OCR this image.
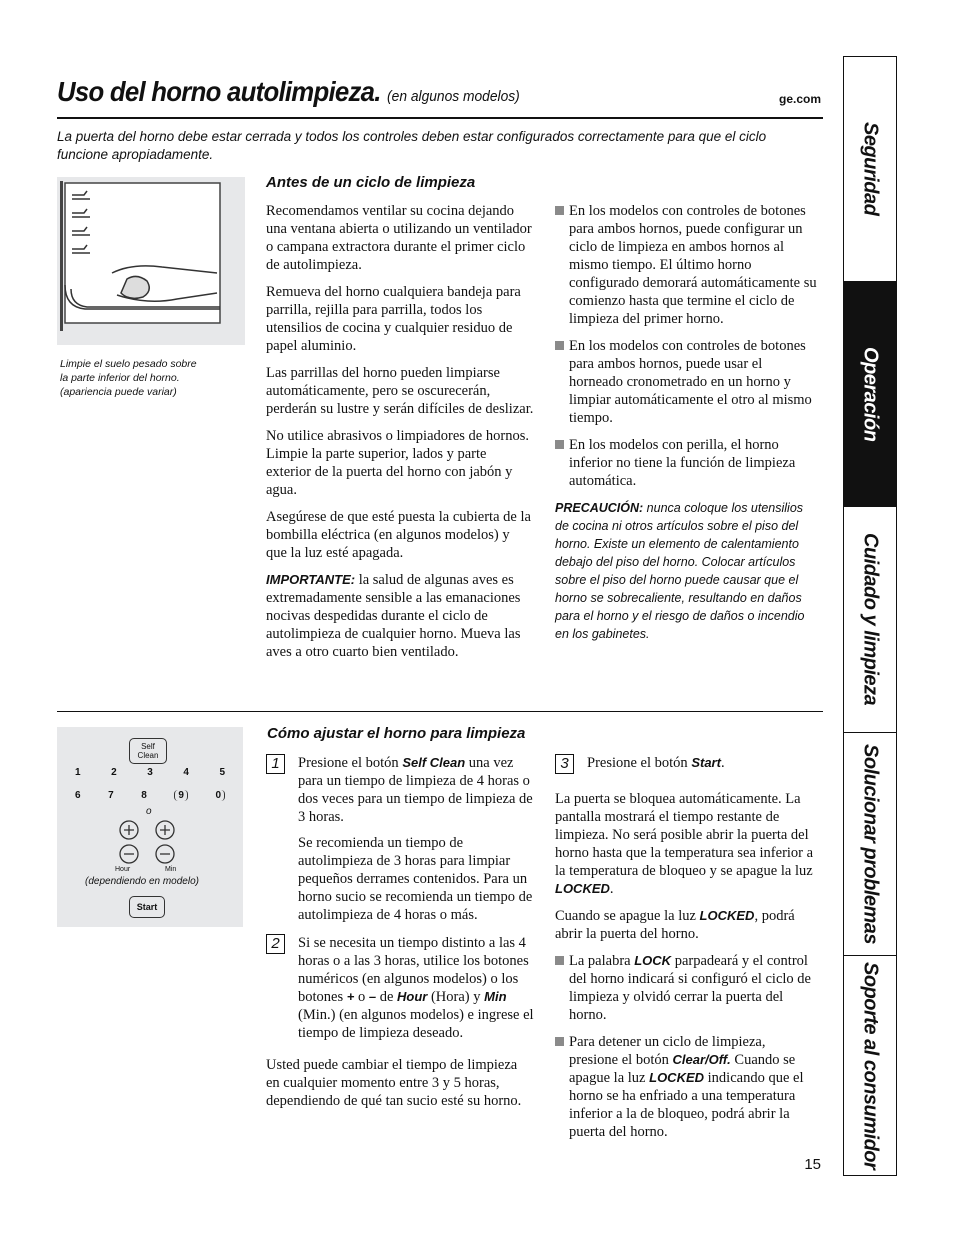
Uso del horno autolimpieza. (en algunos modelos)	ge.com
La puerta del horno debe estar cerrada y todos los controles deben estar configurados correctamente para que el ciclo funcione apropiadamente.
Limpie el suelo pesado sobre
la parte inferior del horno.
(apariencia puede variar)
Antes de un ciclo de limpieza

Recomendamos ventilar su cocina dejando una ventana abierta o utilizando un ventilador o campana extractora durante el primer ciclo de autolimpieza.

Remueva del horno cualquiera bandeja para parrilla, rejilla para parrilla, todos los utensilios de cocina y cualquier residuo de papel aluminio.

Las parrillas del horno pueden limpiarse automáticamente, pero se oscurecerán, perderán su lustre y serán difíciles de deslizar.

No utilice abrasivos o limpiadores de hornos. Limpie la parte superior, lados y parte exterior de la puerta del horno con jabón y agua.

Asegúrese de que esté puesta la cubierta de la bombilla eléctrica (en algunos modelos) y que la luz esté apagada.

IMPORTANTE: la salud de algunas aves es extremadamente sensible a las emanaciones nocivas despedidas durante el ciclo de autolimpieza de cualquier horno. Mueva las aves a otro cuarto bien ventilado.

En los modelos con controles de botones para ambos hornos, puede configurar un ciclo de limpieza en ambos hornos al mismo tiempo. El último horno configurado demorará automáticamente su comienzo hasta que termine el ciclo de limpieza del primer horno.
En los modelos con controles de botones para ambos hornos, puede usar el horneado cronometrado en un horno y limpiar automáticamente el otro al mismo tiempo.
En los modelos con perilla, el horno inferior no tiene la función de limpieza automática.
PRECAUCIÓN: nunca coloque los utensilios de cocina ni otros artículos sobre el piso del horno. Existe un elemento de calentamiento debajo del piso del horno. Colocar artículos sobre el piso del horno puede causar que el horno se sobrecaliente, resultando en daños para el horno y el riesgo de daños o incendio en los gabinetes.
Self
Clean
1	2	3	4	5
6	7	8	9	0
o
Hour	Min
(dependiendo en modelo)
Start
Cómo ajustar el horno para limpieza
1	Presione el botón Self Clean una vez para un tiempo de limpieza de 4 horas o dos veces para un tiempo de limpieza de 3 horas.

Se recomienda un tiempo de autolimpieza de 3 horas para limpiar pequeños derrames contenidos. Para un horno sucio se recomienda un tiempo de autolimpieza de 4 horas o más.

2	Si se necesita un tiempo distinto a las 4 horas o a las 3 horas, utilice los botones numéricos (en algunos modelos) o los botones + o – de Hour (Hora) y Min (Min.) (en algunos modelos) e ingrese el tiempo de limpieza deseado.

Usted puede cambiar el tiempo de limpieza en cualquier momento entre 3 y 5 horas, dependiendo de qué tan sucio esté su horno.

3	Presione el botón Start.

La puerta se bloquea automáticamente. La pantalla mostrará el tiempo restante de limpieza. No será posible abrir la puerta del horno hasta que la temperatura sea inferior a la temperatura de bloqueo y se apague la luz LOCKED.

Cuando se apague la luz LOCKED, podrá abrir la puerta del horno.

La palabra LOCK parpadeará y el control del horno indicará si configuró el ciclo de limpieza y olvidó cerrar la puerta del horno.
Para detener un ciclo de limpieza, presione el botón Clear/Off. Cuando se apague la luz LOCKED indicando que el horno se ha enfriado a una temperatura inferior a la de bloqueo, podrá abrir la puerta del horno.
Seguridad
Operación
Cuidado y limpieza
Solucionar problemas
Soporte al consumidor
15
